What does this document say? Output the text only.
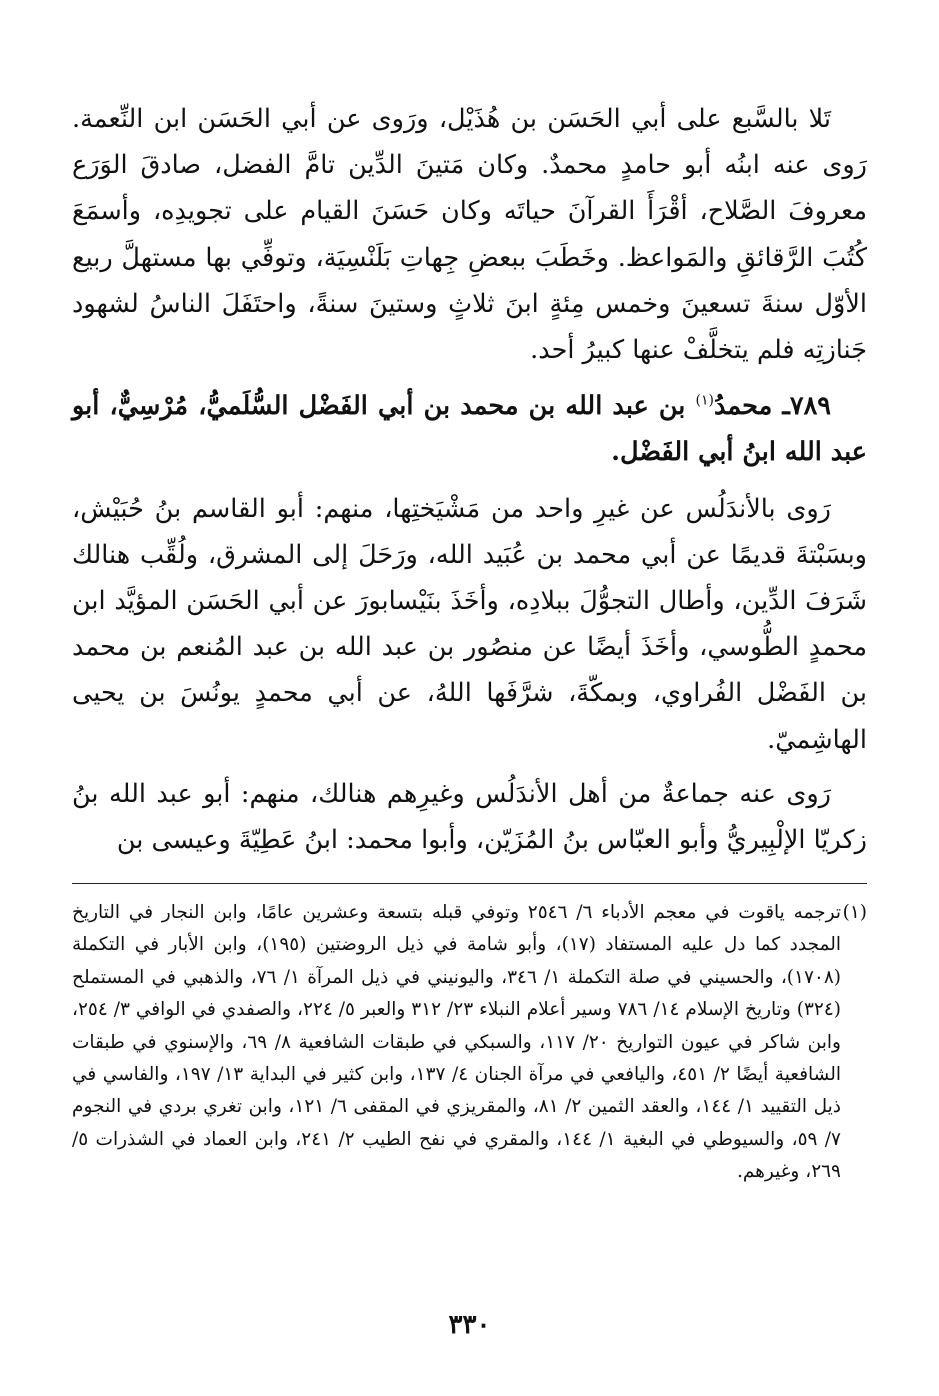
تَلا بالسَّبع على أبي الحَسَن بن هُذَيْل، ورَوى عن أبي الحَسَن ابن النِّعمة. رَوى عنه ابنُه أبو حامدٍ محمدٌ. وكان مَتينَ الدِّين تامَّ الفضل، صادقَ الوَرَع معروفَ الصَّلاح، أقْرَأَ القرآنَ حياتَه وكان حَسَنَ القيام على تجويدِه، وأسمَعَ كُتُبَ الرَّقائقِ والمَواعظ. وخَطَبَ ببعضِ جِهاتِ بَلَنْسِيَة، وتوفِّي بها مستهلَّ ربيع الأوّل سنةَ تسعينَ وخمس مِئةٍ ابنَ ثلاثٍ وستينَ سنةً، واحتَفَلَ الناسُ لشهود جَنازتِه فلم يتخلَّفْ عنها كبيرُ أحد.

٧٨٩ـ محمدُ$^{(١)}$ بن عبد الله بن محمد بن أبي الفَضْل السُّلَميُّ، مُرْسِيٌّ، أبو عبد الله ابنُ أبي الفَضْل.

رَوى بالأندَلُس عن غيرِ واحد من مَشْيَختِها، منهم: أبو القاسم بنُ حُبَيْش، وبسَبْتةَ قديمًا عن أبي محمد بن عُبَيد الله، ورَحَلَ إلى المشرق، ولُقِّب هنالك شَرَفَ الدِّين، وأطال التجوُّلَ ببلادِه، وأخَذَ بنَيْسابورَ عن أبي الحَسَن المؤيَّد ابن محمدٍ الطُّوسي، وأخَذَ أيضًا عن منصُور بن عبد الله بن عبد المُنعم بن محمد بن الفَضْل الفُراوي، وبمكّةَ، شرَّفَها اللهُ، عن أبي محمدٍ يونُسَ بن يحيى الهاشِميّ.

رَوى عنه جماعةٌ من أهل الأندَلُس وغيرِهم هنالك، منهم: أبو عبد الله بنُ زكريّا الإلْبِيريُّ وأبو العبّاس بنُ المُزَيّن، وأبوا محمد: ابنُ عَطِيّةَ وعيسى بن

(١)
ترجمه ياقوت في معجم الأدباء ٦/ ٢٥٤٦ وتوفي قبله بتسعة وعشرين عامًا، وابن النجار في التاريخ المجدد كما دل عليه المستفاد (١٧)، وأبو شامة في ذيل الروضتين (١٩٥)، وابن الأبار في التكملة (١٧٠٨)، والحسيني في صلة التكملة ١/ ٣٤٦، واليونيني في ذيل المرآة ١/ ٧٦، والذهبي في المستملح (٣٢٤) وتاريخ الإسلام ١٤/ ٧٨٦ وسير أعلام النبلاء ٢٣/ ٣١٢ والعبر ٥/ ٢٢٤، والصفدي في الوافي ٣/ ٢٥٤، وابن شاكر في عيون التواريخ ٢٠/ ١١٧، والسبكي في طبقات الشافعية ٨/ ٦٩، والإسنوي في طبقات الشافعية أيضًا ٢/ ٤٥١، واليافعي في مرآة الجنان ٤/ ١٣٧، وابن كثير في البداية ١٣/ ١٩٧، والفاسي في ذيل التقييد ١/ ١٤٤، والعقد الثمين ٢/ ٨١، والمقريزي في المقفى ٦/ ١٢١، وابن تغري بردي في النجوم ٧/ ٥٩، والسيوطي في البغية ١/ ١٤٤، والمقري في نفح الطيب ٢/ ٢٤١، وابن العماد في الشذرات ٥/ ٢٦٩، وغيرهم.

٣٣٠
